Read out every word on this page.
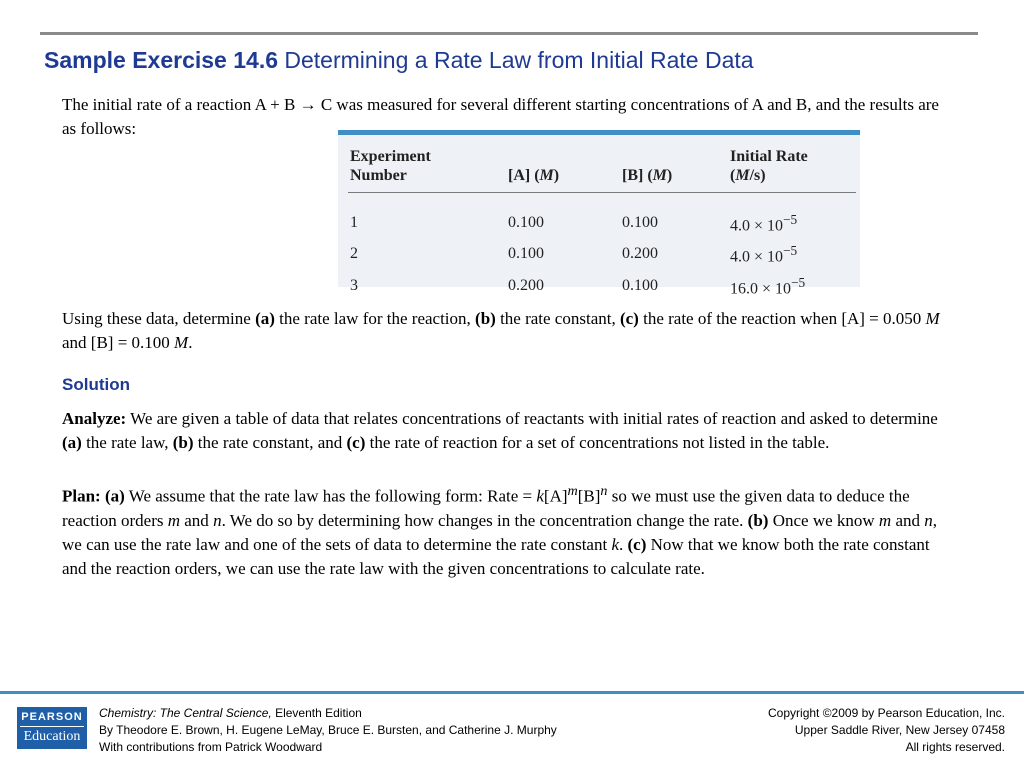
Sample Exercise 14.6 Determining a Rate Law from Initial Rate Data

The initial rate of a reaction A + B → C was measured for several different starting concentrations of A and B, and the results are as follows:

Experiment
Number	[A] (M)	[B] (M)	Initial Rate
(M/s)
1	0.100	0.100	$4.0 \times 10^{-5}$
2	0.100	0.200	$4.0 \times 10^{-5}$
3	0.200	0.100	$16.0 \times 10^{-5}$

Using these data, determine (a) the rate law for the reaction, (b) the rate constant, (c) the rate of the reaction when [A] = 0.050 M and [B] = 0.100 M.

Solution

Analyze: We are given a table of data that relates concentrations of reactants with initial rates of reaction and asked to determine (a) the rate law, (b) the rate constant, and (c) the rate of reaction for a set of concentrations not listed in the table.

Plan: (a) We assume that the rate law has the following form: Rate = $k[A]^m[B]^n$ so we must use the given data to deduce the reaction orders m and n. We do so by determining how changes in the concentration change the rate. (b) Once we know m and n, we can use the rate law and one of the sets of data to determine the rate constant k. (c) Now that we know both the rate constant and the reaction orders, we can use the rate law with the given concentrations to calculate rate.

PEARSON
Education
Chemistry: The Central Science, Eleventh Edition
By Theodore E. Brown, H. Eugene LeMay, Bruce E. Bursten, and Catherine J. Murphy
With contributions from Patrick Woodward
Copyright ©2009 by Pearson Education, Inc.
Upper Saddle River, New Jersey 07458
All rights reserved.
